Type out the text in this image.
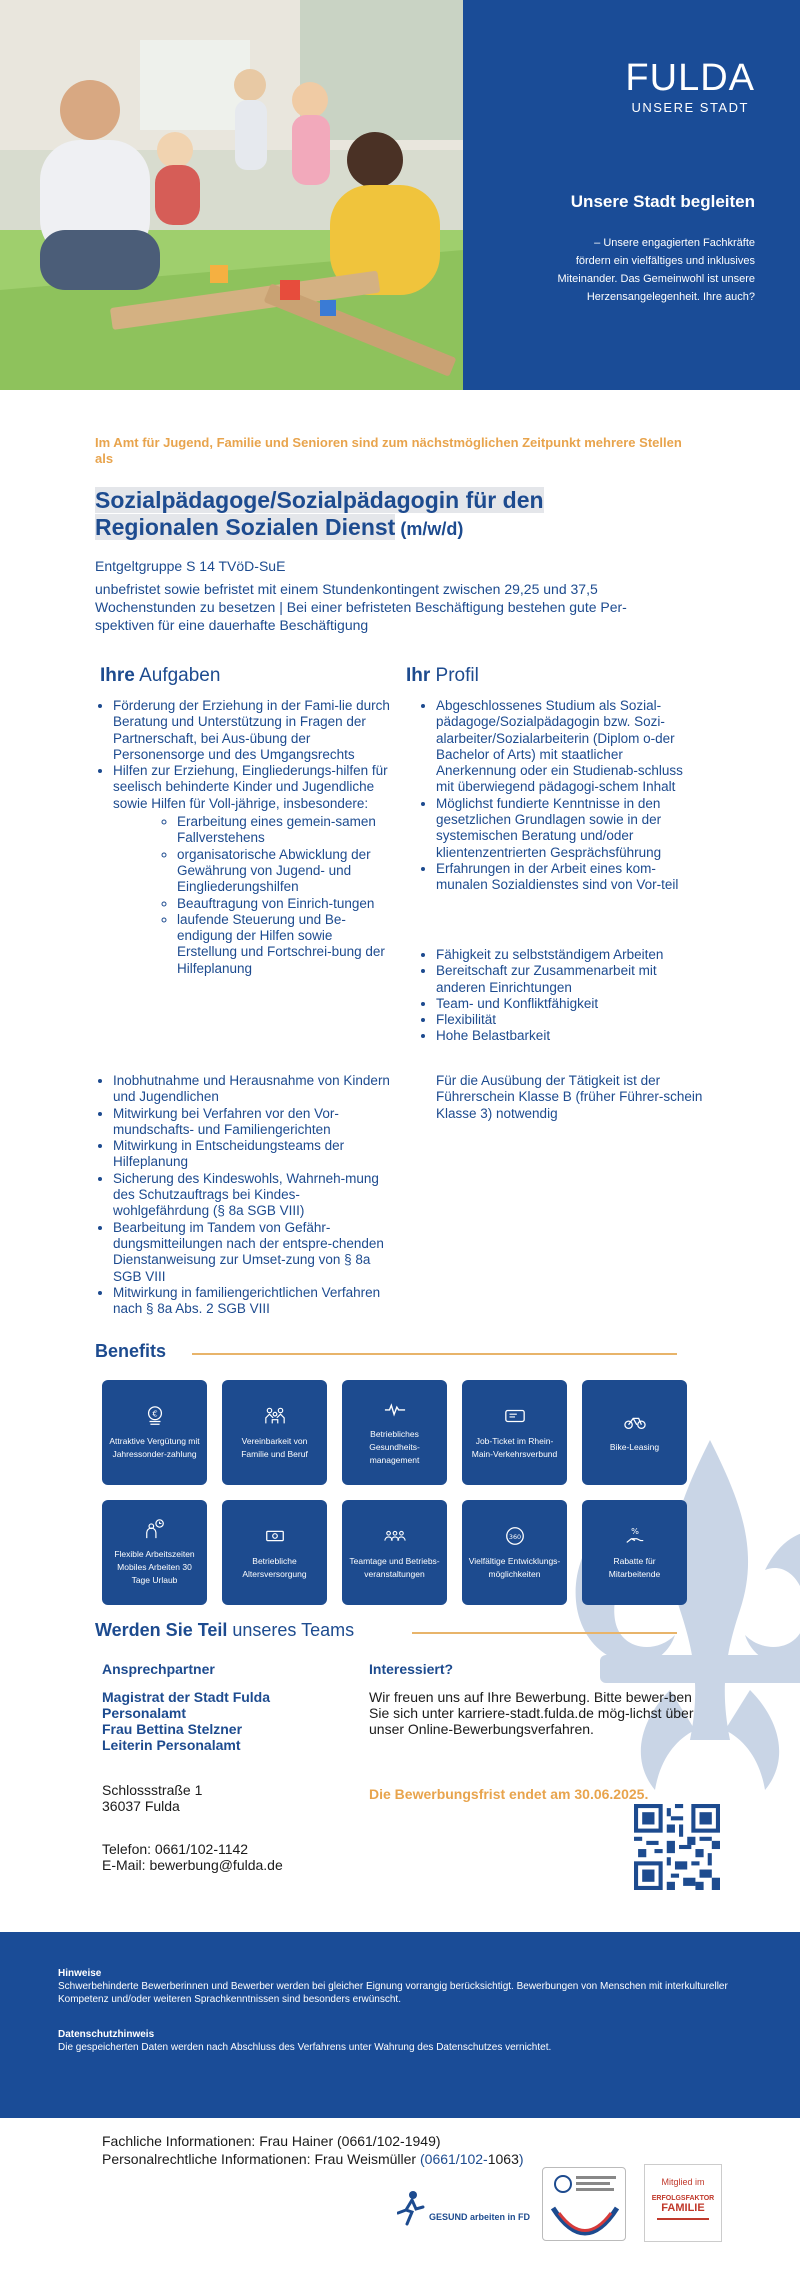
FULDA
UNSERE STADT
Unsere Stadt begleiten

– Unsere engagierten Fachkräfte

fördern ein vielfältiges und inklusives

Miteinander. Das Gemeinwohl ist unsere

Herzensangelegenheit. Ihre auch?

Im Amt für Jugend, Familie und Senioren sind zum nächstmöglichen Zeitpunkt mehrere Stellen als
Sozialpädagoge/Sozialpädagogin für den
Regionalen Sozialen Dienst (m/w/d)
Entgeltgruppe S 14 TVöD-SuE
unbefristet sowie befristet mit einem Stundenkontingent zwischen 29,25 und 37,5
Wochenstunden zu besetzen | Bei einer befristeten Beschäftigung bestehen gute Per-
spektiven für eine dauerhafte Beschäftigung
Ihre Aufgaben
• Förderung der Erziehung in der Fami-lie durch Beratung und Unterstützung in Fragen der Partnerschaft, bei Aus-übung der Personensorge und des Umgangsrechts
• Hilfen zur Erziehung, Eingliederungs-hilfen für seelisch behinderte Kinder und Jugendliche sowie Hilfen für Voll-jährige, insbesondere:
◦ Erarbeitung eines gemein-samen Fallverstehens
◦ organisatorische Abwicklung der Gewährung von Jugend- und Eingliederungshilfen
◦ Beauftragung von Einrich-tungen
◦ laufende Steuerung und Be-endigung der Hilfen sowie Erstellung und Fortschrei-bung der Hilfeplanung
• Inobhutnahme und Herausnahme von Kindern und Jugendlichen
• Mitwirkung bei Verfahren vor den Vor-mundschafts- und Familiengerichten
• Mitwirkung in Entscheidungsteams der Hilfeplanung
• Sicherung des Kindeswohls, Wahrneh-mung des Schutzauftrags bei Kindes-wohlgefährdung (§ 8a SGB VIII)
• Bearbeitung im Tandem von Gefähr-dungsmitteilungen nach der entspre-chenden Dienstanweisung zur Umset-zung von § 8a SGB VIII
• Mitwirkung in familiengerichtlichen Verfahren nach § 8a Abs. 2 SGB VIII
Ihr Profil
• Abgeschlossenes Studium als Sozial-pädagoge/Sozialpädagogin bzw. Sozi-alarbeiter/Sozialarbeiterin (Diplom o-der Bachelor of Arts) mit staatlicher Anerkennung oder ein Studienab-schluss mit überwiegend pädagogi-schem Inhalt
• Möglichst fundierte Kenntnisse in den gesetzlichen Grundlagen sowie in der systemischen Beratung und/oder klientenzentrierten Gesprächsführung
• Erfahrungen in der Arbeit eines kom-munalen Sozialdienstes sind von Vor-teil
• Fähigkeit zu selbstständigem Arbeiten
• Bereitschaft zur Zusammenarbeit mit anderen Einrichtungen
• Team- und Konfliktfähigkeit
• Flexibilität
• Hohe Belastbarkeit
Für die Ausübung der Tätigkeit ist der Führerschein Klasse B (früher Führer-schein Klasse 3) notwendig
Benefits
€
Attraktive Vergütung mit Jahressonder-zahlung
Vereinbarkeit von Familie und Beruf
Betriebliches Gesundheits-management
Job-Ticket im Rhein-Main-Verkehrsverbund
Bike-Leasing
Flexible Arbeitszeiten Mobiles Arbeiten 30 Tage Urlaub
Betriebliche Altersversorgung
Teamtage und Betriebs-veranstaltungen
360
Vielfältige Entwicklungs-möglichkeiten
%
Rabatte für Mitarbeitende
Werden Sie Teil unseres Teams
Ansprechpartner
Magistrat der Stadt Fulda
Personalamt
Frau Bettina Stelzner
Leiterin Personalamt
Schlossstraße 1
36037 Fulda
Telefon: 0661/102-1142
E-Mail: bewerbung@fulda.de
Interessiert?
Wir freuen uns auf Ihre Bewerbung. Bitte bewer-ben Sie sich unter karriere-stadt.fulda.de mög-lichst über unser Online-Bewerbungsverfahren.
Die Bewerbungsfrist endet am 30.06.2025.
Hinweise
Schwerbehinderte Bewerberinnen und Bewerber werden bei gleicher Eignung vorrangig berücksichtigt. Bewerbungen von Menschen mit interkultureller Kompetenz und/oder weiteren Sprachkenntnissen sind besonders erwünscht.
Datenschutzhinweis
Die gespeicherten Daten werden nach Abschluss des Verfahrens unter Wahrung des Datenschutzes vernichtet.
Fachliche Informationen: Frau Hainer (0661/102-1949)
Personalrechtliche Informationen: Frau Weismüller (0661/102-1063)
GESUND arbeiten in FD
Mitglied im
ERFOLGSFAKTOR
FAMILIE
